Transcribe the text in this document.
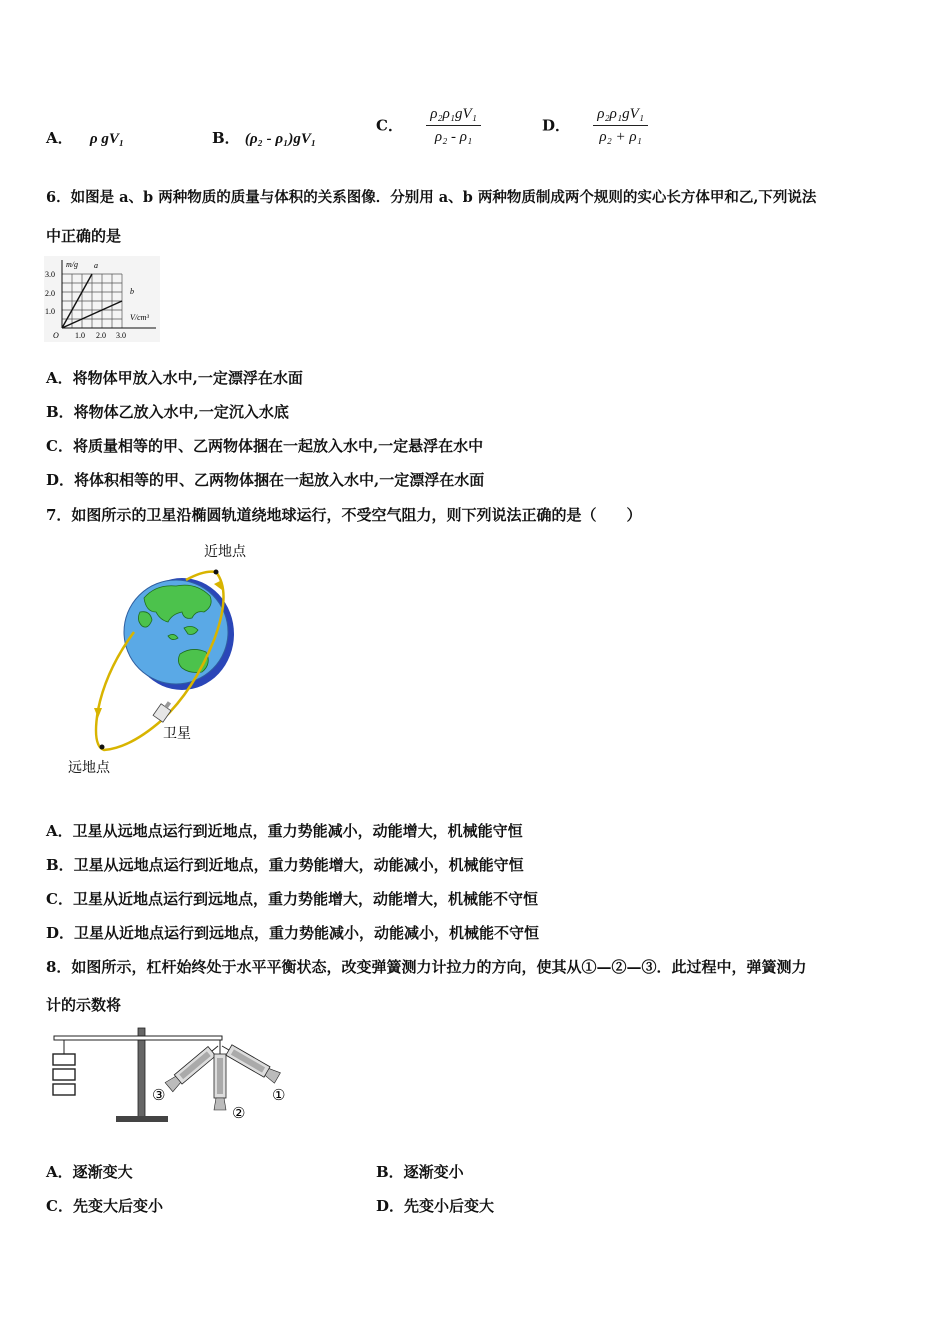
A． ρ gV₁	B． (ρ₂ - ρ₁)gV₁
C． $\frac{\text{ρ₂ρ₁gV₁}}{\text{ρ₂ - ρ₁}}$	D． $\frac{\text{ρ₂ρ₁gV₁}}{\text{ρ₂ + ρ₁}}$
6．如图是 a、b 两种物质的质量与体积的关系图像．分别用 a、b 两种物质制成两个规则的实心长方体甲和乙,下列说法
中正确的是
m/g a
b
V/cm³
3.0
2.0
1.0
O 1.0 2.0 3.0
A．将物体甲放入水中,一定漂浮在水面
B．将物体乙放入水中,一定沉入水底
C．将质量相等的甲、乙两物体捆在一起放入水中,一定悬浮在水中
D．将体积相等的甲、乙两物体捆在一起放入水中,一定漂浮在水面
7．如图所示的卫星沿椭圆轨道绕地球运行，不受空气阻力，则下列说法正确的是（　　）
近地点
卫星
远地点
A．卫星从远地点运行到近地点，重力势能减小，动能增大，机械能守恒
B．卫星从远地点运行到近地点，重力势能增大，动能减小，机械能守恒
C．卫星从近地点运行到远地点，重力势能增大，动能增大，机械能不守恒
D．卫星从近地点运行到远地点，重力势能减小，动能减小，机械能不守恒
8．如图所示，杠杆始终处于水平平衡状态，改变弹簧测力计拉力的方向，使其从①—②—③．此过程中，弹簧测力
计的示数将
③
②
①
A．逐渐变大	B．逐渐变小
C．先变大后变小	D．先变小后变大
